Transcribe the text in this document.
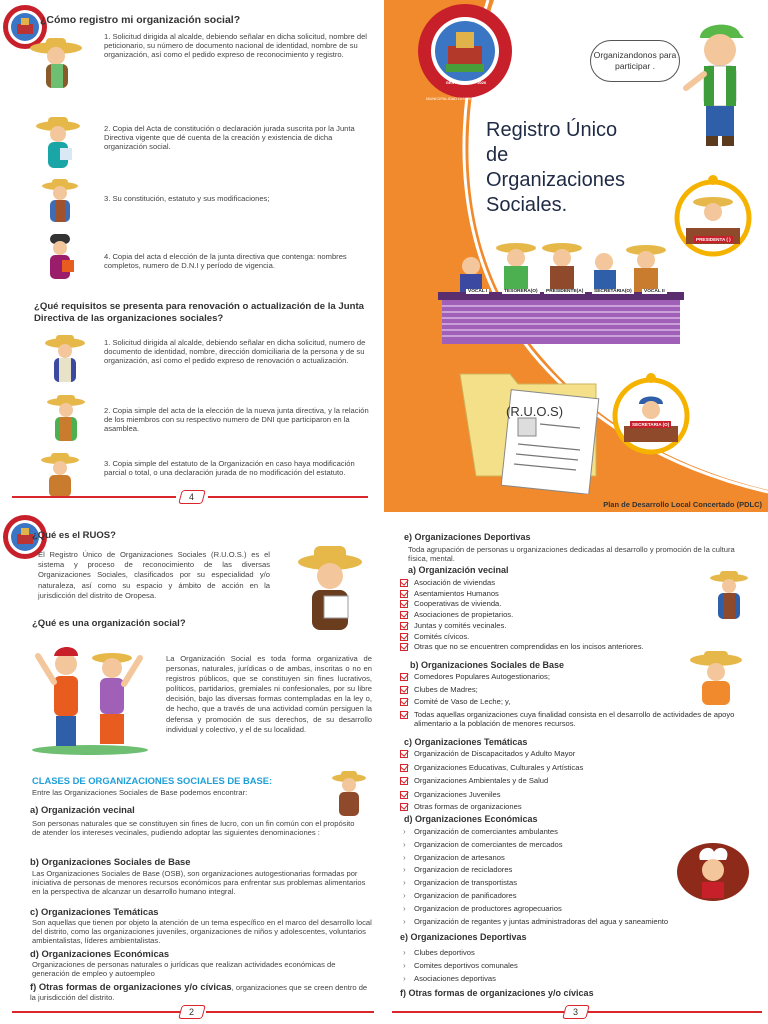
¿Cómo registro mi organización social?
1. Solicitud dirigida al alcalde, debiendo señalar en dicha solicitud, nombre del peticionario, su número de documento nacional de identidad, nombre de su organización, así como el pedido expreso de reconocimiento y registro.
2. Copia del Acta de constitución o declaración jurada suscrita por la Junta Directiva vigente que dé cuenta de la creación y existencia de dicha organización social.
3. Su constitución, estatuto y sus modificaciones;
4. Copia del acta d elección de la junta directiva que contenga: nombres completos, numero de D.N.I y período de vigencia.
¿Qué requisitos se presenta para renovación o actualización de la Junta Directiva de las organizaciones sociales?
1. Solicitud dirigida al alcalde, debiendo señalar en dicha solicitud, numero de documento de identidad, nombre, dirección domiciliaria de la persona y de su organización, así como el pedido expreso de renovación o actualización.
2. Copia simple del acta de la elección de la nueva junta directiva, y la relación de los miembros con su respectivo numero de DNI que participaron en la asamblea.
3. Copia simple del estatuto de la Organización en caso haya modificación parcial o total, o una declaración jurada de no modificación del estatuto.
4
MUNICIPALIDAD DISTRITAL DE OROPESA
GESTIÓN 2023 - 2026
Organizandonos para participar .
Registro Único
de
Organizaciones
Sociales.
PRESIDENTA ( )
VOCAL I	TESORERA(O)	PRESIDENTE(A)	SECRETARIA(O)	VOCAL II
(R.U.O.S)
SECRETARIA (O)
Plan de Desarrollo Local Concertado (PDLC)
¿Qué es el RUOS?
El Registro Único de Organizaciones Sociales (R.U.O.S.) es el sistema y proceso de reconocimiento de las diversas Organizaciones Sociales, clasificados por su especialidad y/o naturaleza, así como su espacio y ámbito de acción en la jurisdicción del distrito de Oropesa.
¿Qué es una organización social?
La Organización Social es toda forma organizativa de personas, naturales, jurídicas o de ambas, inscritas o no en registros públicos, que se constituyen sin fines lucrativos, políticos, partidarios, gremiales ni confesionales, por su libre decisión, bajo las diversas formas contempladas en la ley o, de hecho, que a través de una actividad común persiguen la defensa y promoción de sus derechos, de su desarrollo individual y colectivo, y el de su localidad.
CLASES DE ORGANIZACIONES SOCIALES DE BASE:
Entre las Organizaciones Sociales de Base podemos encontrar:
a) Organización vecinal
Son personas naturales que se constituyen sin fines de lucro, con un fin común con el propósito de atender los intereses vecinales, pudiendo adoptar las siguientes denominaciones :
b) Organizaciones Sociales de Base
Las Organizaciones Sociales de Base (OSB), son organizaciones autogestionarias formadas por iniciativa de personas de menores recursos económicos para enfrentar sus problemas alimentarios en la perspectiva de alcanzar un desarrollo humano integral.
c) Organizaciones Temáticas
Son aquellas que tienen por objeto la atención de un tema específico en el marco del desarrollo local del distrito, como las organizaciones juveniles, organizaciones de niños y adolescentes, voluntarios ambientalistas, líderes ambientalistas.
d) Organizaciones Económicas
Organizaciones de personas naturales o jurídicas que realizan actividades económicas de generación de empleo y autoempleo
f) Otras formas de organizaciones y/o cívicas, organizaciones que se creen dentro de la jurisdicción del distrito.
2
e) Organizaciones Deportivas
Toda agrupación de personas u organizaciones dedicadas al desarrollo y promoción de la cultura física, mental.
a) Organización vecinal
Asociación de viviendas
Asentamientos Humanos
Cooperativas de vivienda.
Asociaciones de propietarios.
Juntas y comités vecinales.
Comités cívicos.
Otras que no se encuentren comprendidas en los incisos anteriores.
b) Organizaciones Sociales de Base
Comedores Populares Autogestionarios;
Clubes de Madres;
Comité de Vaso de Leche; y,
Todas aquellas organizaciones cuya finalidad consista en el desarrollo de actividades de apoyo alimentario a la población de menores recursos.
c) Organizaciones Temáticas
Organización de Discapacitados y Adulto Mayor
Organizaciones Educativas, Culturales y Artísticas
Organizaciones Ambientales y de Salud
Organizaciones Juveniles
Otras formas de organizaciones
d) Organizaciones Económicas
› Organización de comerciantes ambulantes
› Organizacion de comerciantes de mercados
› Organizacion de artesanos
› Organizacion de recicladores
› Organizacion de transportistas
› Organizacion de panificadores
› Organizacion de productores agropecuarios
› Organización de regantes y juntas administradoras del agua y saneamiento
e) Organizaciones Deportivas
› Clubes deportivos
› Comites deportivos comunales
› Asociaciones deportivas
f) Otras formas de organizaciones y/o cívicas
3
